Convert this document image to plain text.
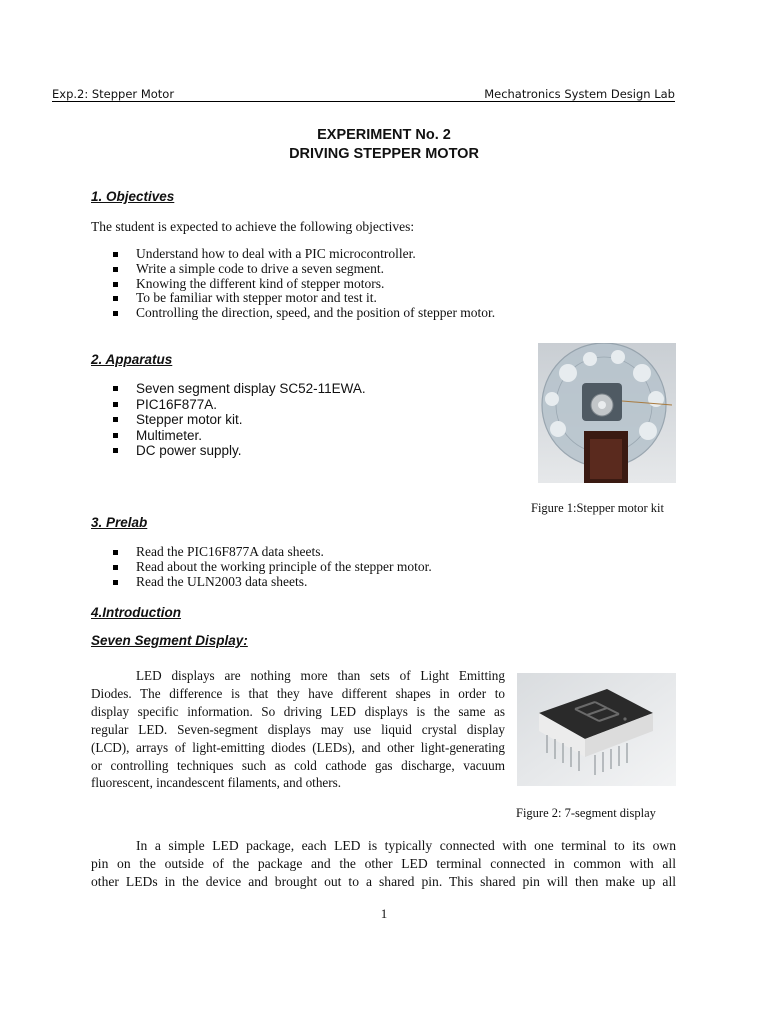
Exp.2: Stepper Motor	Mechatronics System Design Lab
EXPERIMENT No. 2
DRIVING STEPPER MOTOR
1. Objectives
The student is expected to achieve the following objectives:
Understand how to deal with a PIC microcontroller.
Write a simple code to drive a seven segment.
Knowing the different kind of stepper motors.
To be familiar with stepper motor and test it.
Controlling the direction, speed, and the position of stepper motor.
2. Apparatus
Seven segment display SC52-11EWA.
PIC16F877A.
Stepper motor kit.
Multimeter.
DC power supply.
Figure 1:Stepper motor kit
3. Prelab
Read the PIC16F877A data sheets.
Read about the working principle of the stepper motor.
Read the ULN2003 data sheets.
4.Introduction
Seven Segment Display:

LED displays are nothing more than sets of Light Emitting

Diodes. The difference is that they have different shapes in order to

display specific information. So driving LED displays is the same as

regular LED. Seven-segment displays may use liquid crystal display

(LCD), arrays of light-emitting diodes (LEDs), and other light-generating

or controlling techniques such as cold cathode gas discharge, vacuum

fluorescent, incandescent filaments, and others.

Figure 2: 7-segment display

In a simple LED package, each LED is typically connected with one terminal to its own

pin on the outside of the package and the other LED terminal connected in common with all

other LEDs in the device and brought out to a shared pin. This shared pin will then make up all

1
